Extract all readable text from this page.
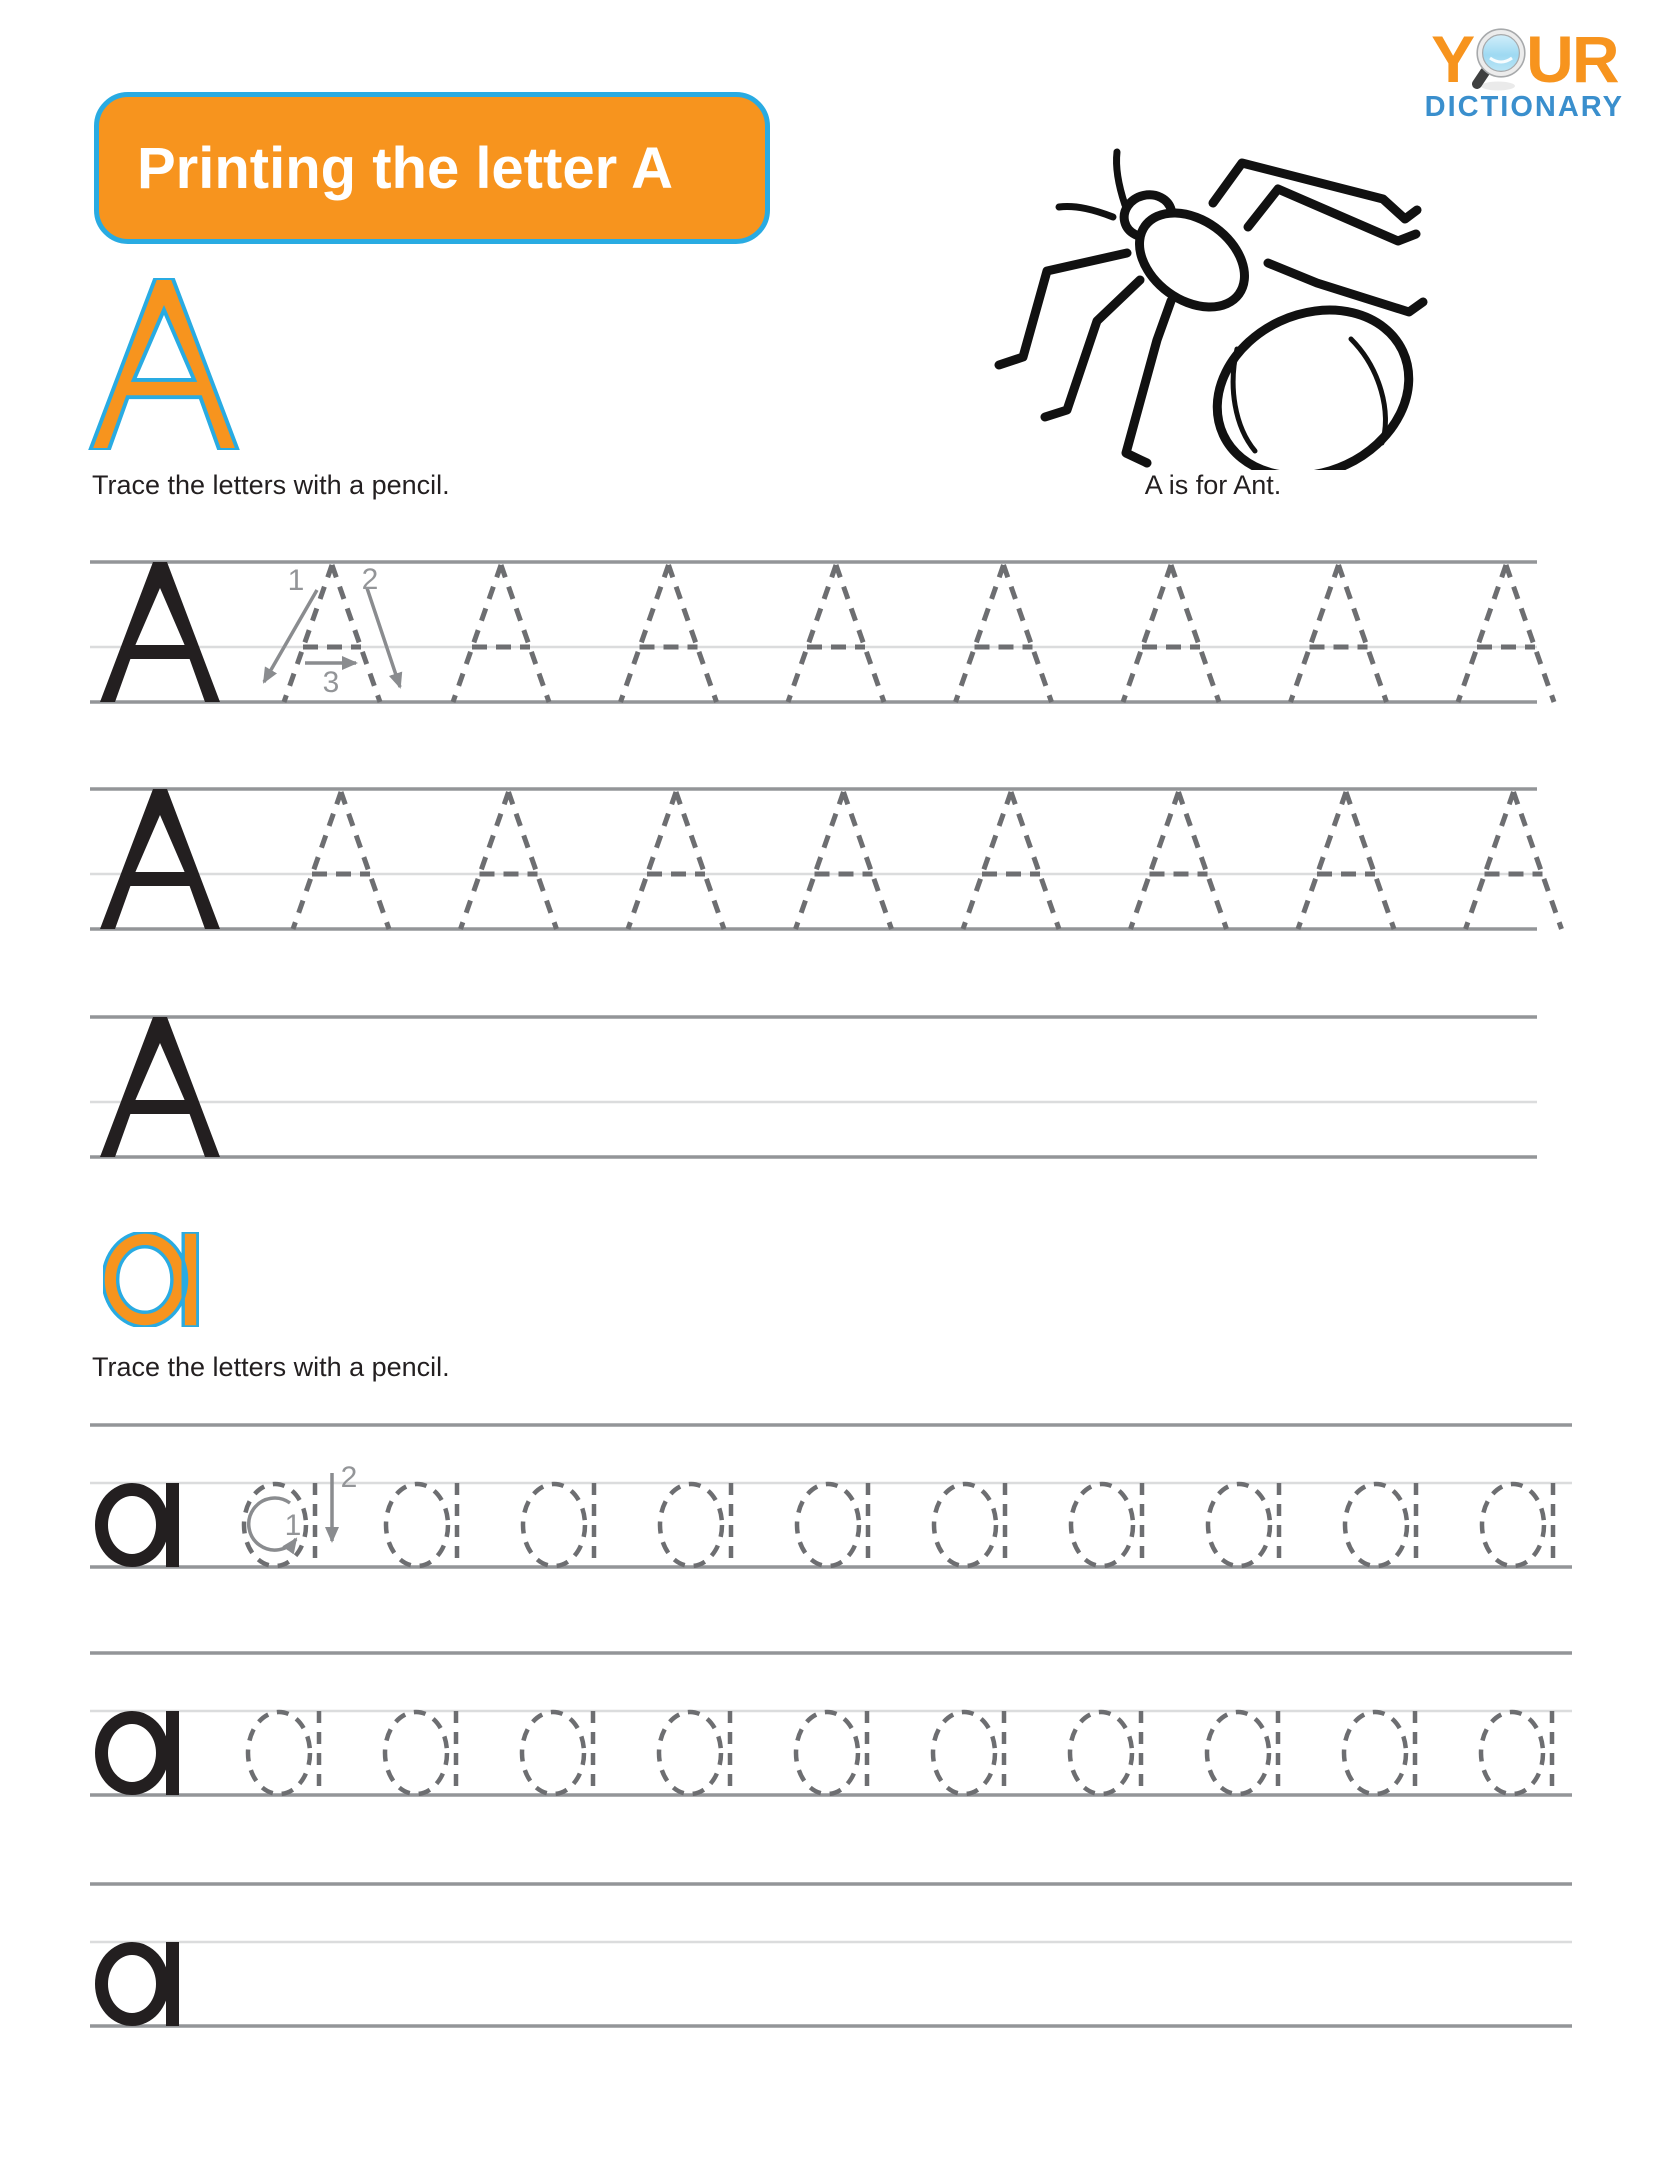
Y UR
DICTIONARY
Printing the letter A
Trace the letters with a pencil.	A is for Ant.
1 2
3
1
2
Trace the letters with a pencil.
